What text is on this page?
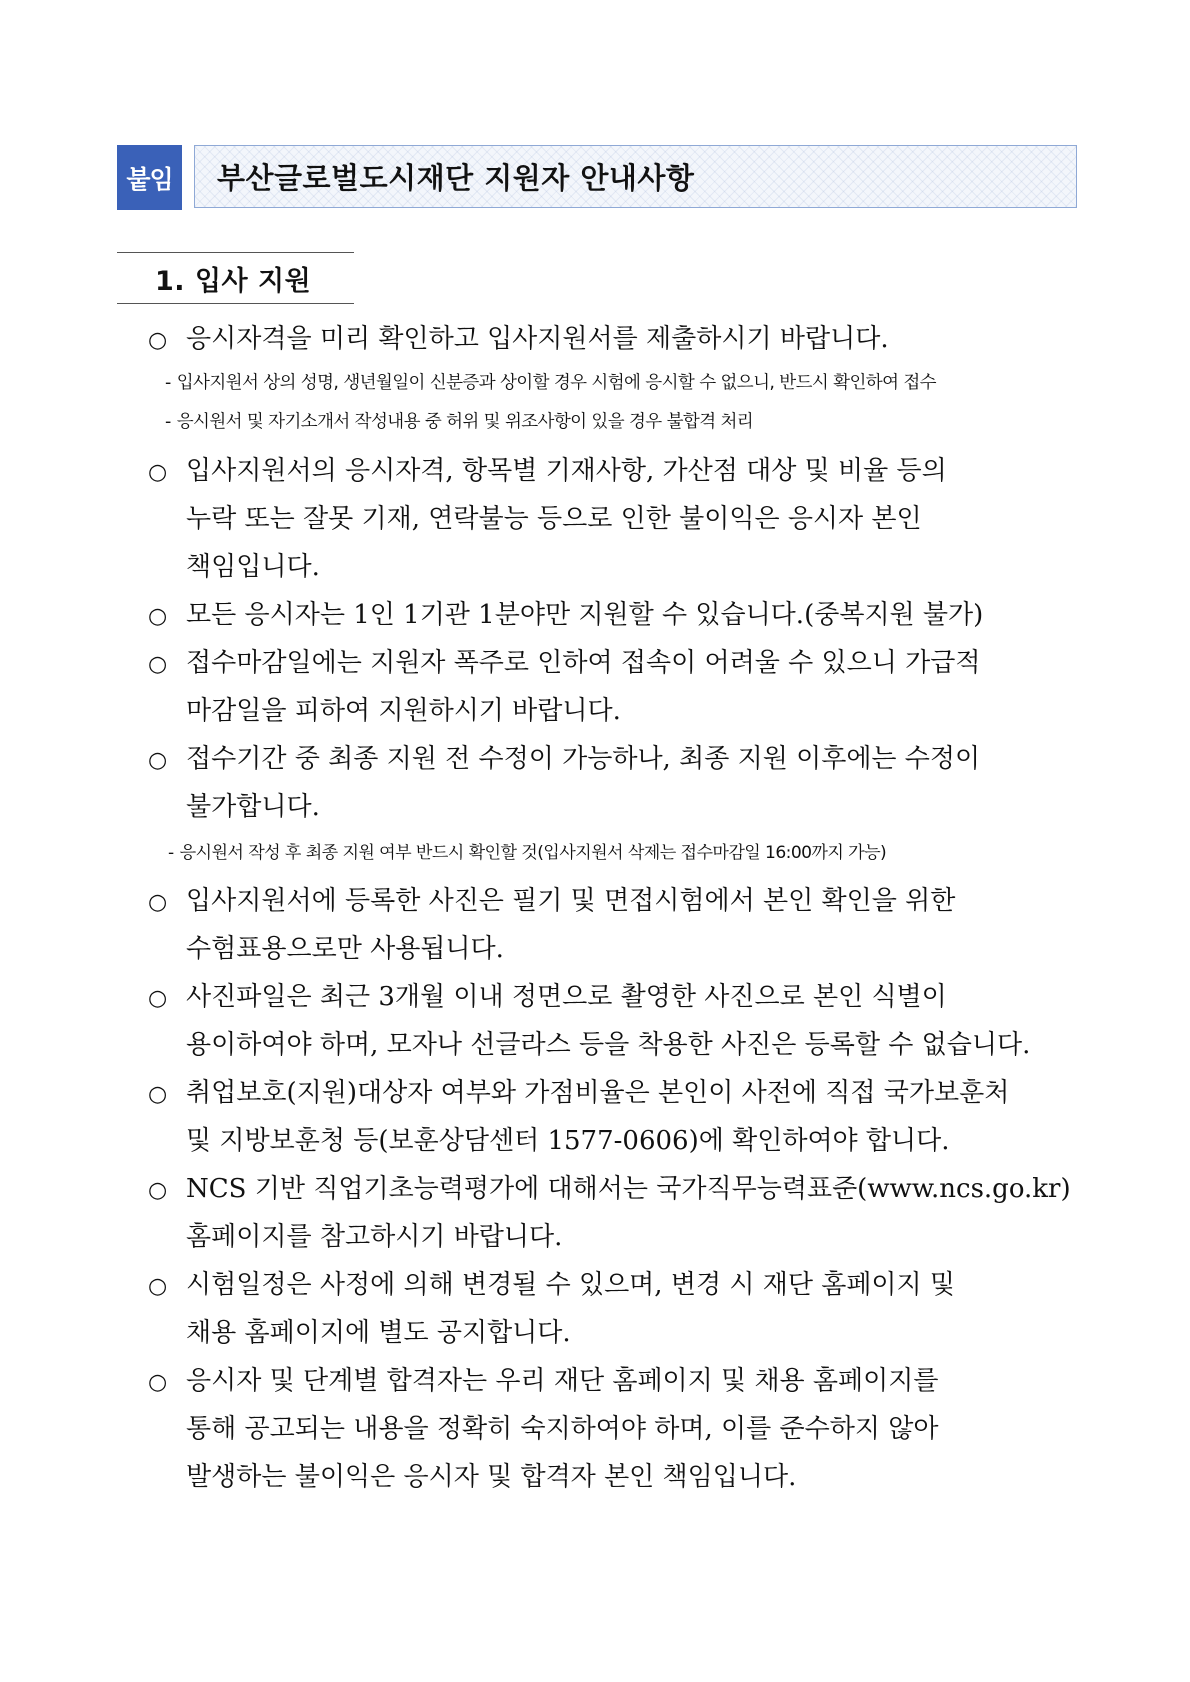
붙임	부산글로벌도시재단 지원자 안내사항
1. 입사 지원
○ 응시자격을 미리 확인하고 입사지원서를 제출하시기 바랍니다.
- 입사지원서 상의 성명, 생년월일이 신분증과 상이할 경우 시험에 응시할 수 없으니, 반드시 확인하여 접수
- 응시원서 및 자기소개서 작성내용 중 허위 및 위조사항이 있을 경우 불합격 처리
○ 입사지원서의 응시자격, 항목별 기재사항, 가산점 대상 및 비율 등의
누락 또는 잘못 기재, 연락불능 등으로 인한 불이익은 응시자 본인
책임입니다.
○ 모든 응시자는 1인 1기관 1분야만 지원할 수 있습니다.(중복지원 불가)
○ 접수마감일에는 지원자 폭주로 인하여 접속이 어려울 수 있으니 가급적
마감일을 피하여 지원하시기 바랍니다.
○ 접수기간 중 최종 지원 전 수정이 가능하나, 최종 지원 이후에는 수정이
불가합니다.
- 응시원서 작성 후 최종 지원 여부 반드시 확인할 것(입사지원서 삭제는 접수마감일 16:00까지 가능)
○ 입사지원서에 등록한 사진은 필기 및 면접시험에서 본인 확인을 위한
수험표용으로만 사용됩니다.
○ 사진파일은 최근 3개월 이내 정면으로 촬영한 사진으로 본인 식별이
용이하여야 하며, 모자나 선글라스 등을 착용한 사진은 등록할 수 없습니다.
○ 취업보호(지원)대상자 여부와 가점비율은 본인이 사전에 직접 국가보훈처
및 지방보훈청 등(보훈상담센터 1577-0606)에 확인하여야 합니다.
○ NCS 기반 직업기초능력평가에 대해서는 국가직무능력표준(www.ncs.go.kr)
홈페이지를 참고하시기 바랍니다.
○ 시험일정은 사정에 의해 변경될 수 있으며, 변경 시 재단 홈페이지 및
채용 홈페이지에 별도 공지합니다.
○ 응시자 및 단계별 합격자는 우리 재단 홈페이지 및 채용 홈페이지를
통해 공고되는 내용을 정확히 숙지하여야 하며, 이를 준수하지 않아
발생하는 불이익은 응시자 및 합격자 본인 책임입니다.
